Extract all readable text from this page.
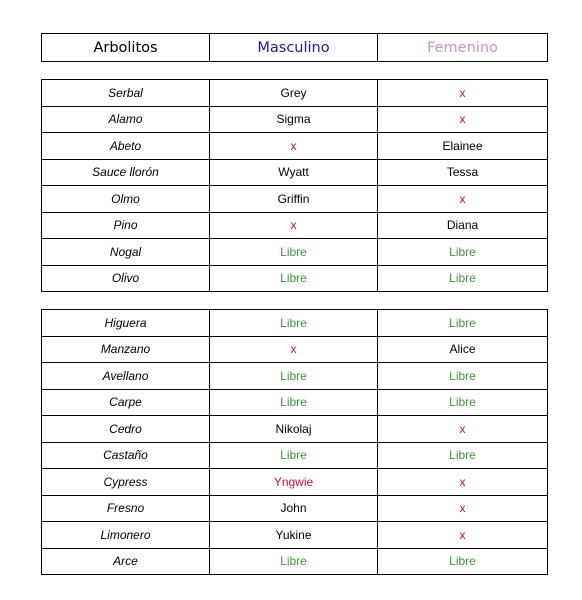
Arbolitos	Masculino	Femenino
Serbal	Grey	x
Alamo	Sigma	x
Abeto	x	Elainee
Sauce llorón	Wyatt	Tessa
Olmo	Griffin	x
Pino	x	Diana
Nogal	Libre	Libre
Olivo	Libre	Libre
Higuera	Libre	Libre
Manzano	x	Alice
Avellano	Libre	Libre
Carpe	Libre	Libre
Cedro	Nikolaj	x
Castaño	Libre	Libre
Cypress	Yngwie	x
Fresno	John	x
Limonero	Yukine	x
Arce	Libre	Libre
